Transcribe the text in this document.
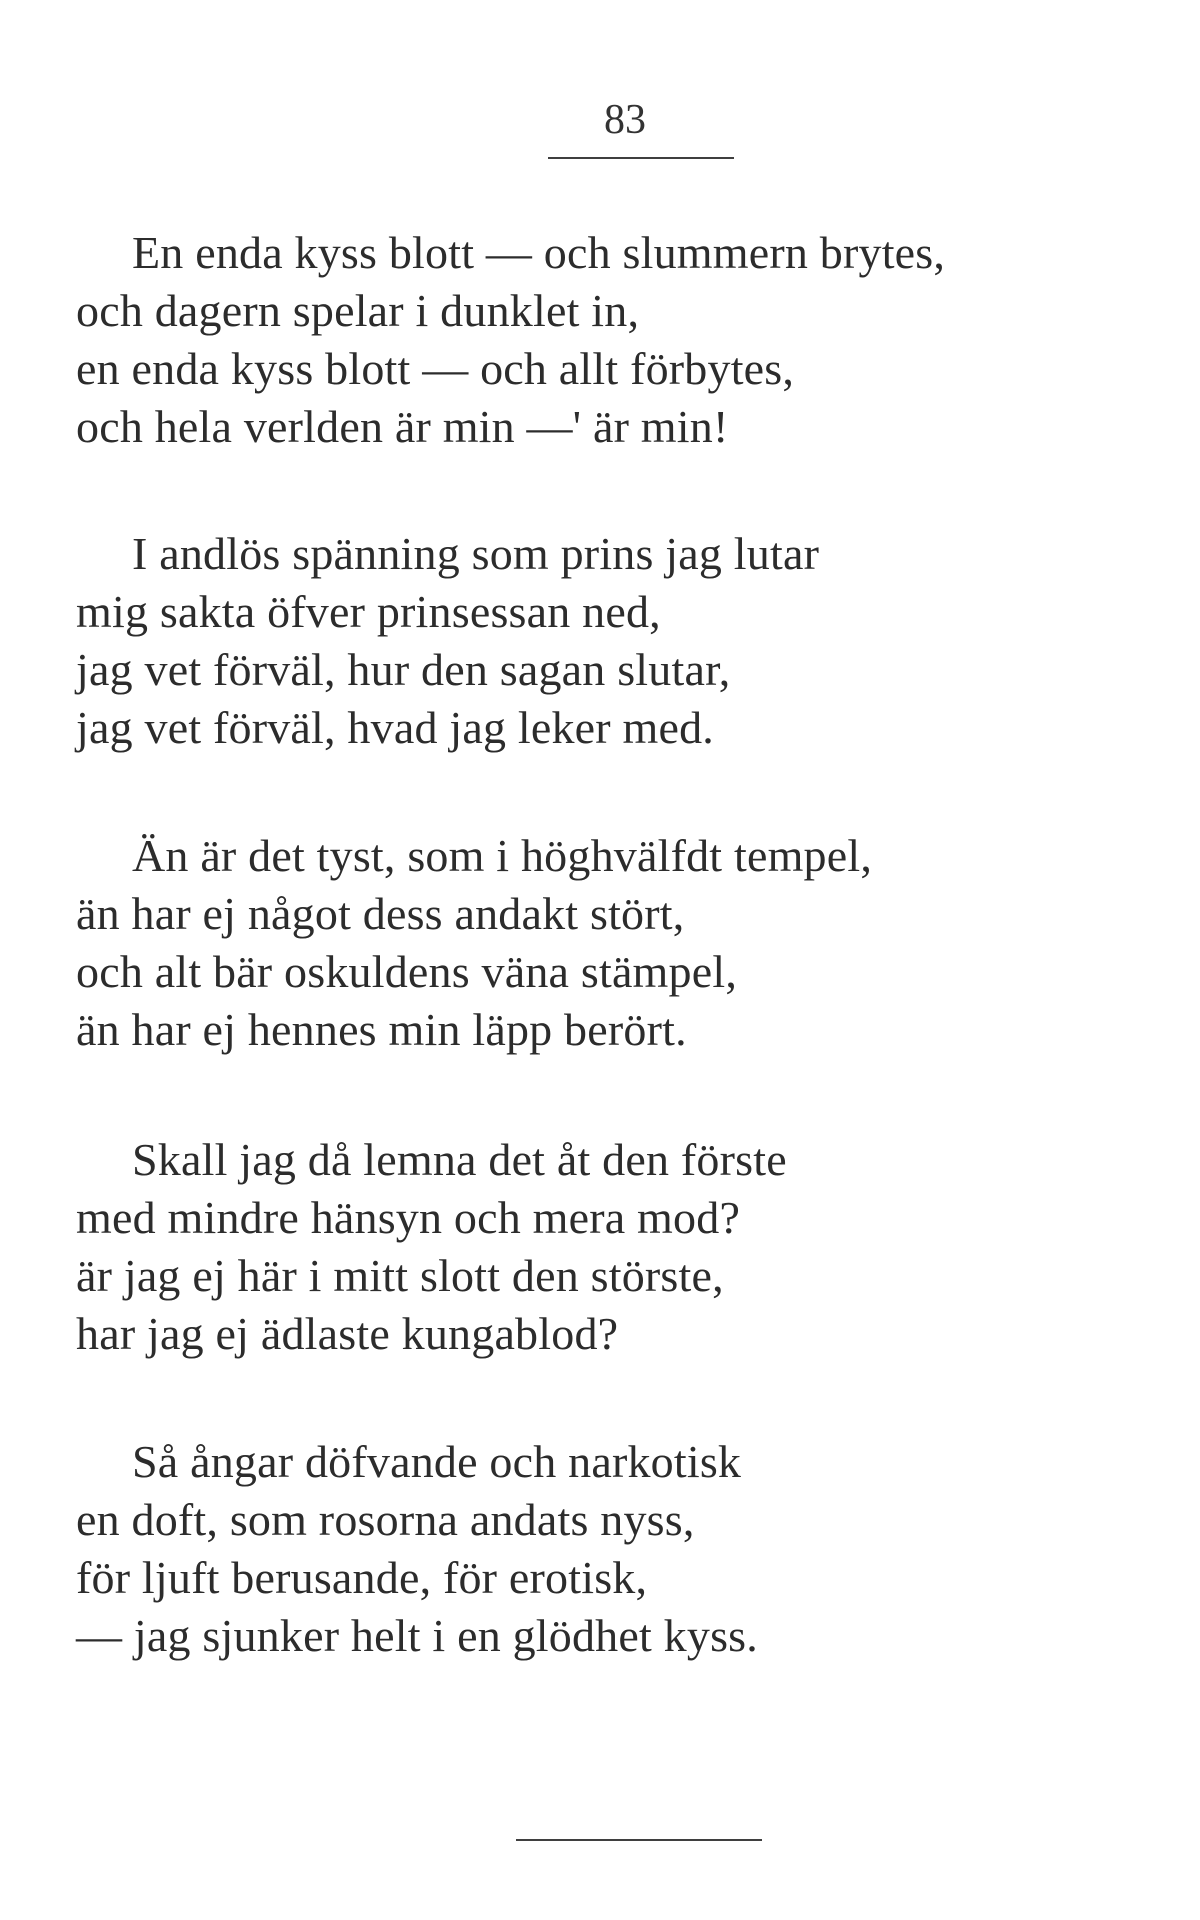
83
En enda kyss blott — och slummern brytes,
och dagern spelar i dunklet in,
en enda kyss blott — och allt förbytes,
och hela verlden är min —' är min!
I andlös spänning som prins jag lutar
mig sakta öfver prinsessan ned,
jag vet förväl, hur den sagan slutar,
jag vet förväl, hvad jag leker med.
Än är det tyst, som i höghvälfdt tempel,
än har ej något dess andakt stört,
och alt bär oskuldens väna stämpel,
än har ej hennes min läpp berört.
Skall jag då lemna det åt den förste
med mindre hänsyn och mera mod?
är jag ej här i mitt slott den störste,
har jag ej ädlaste kungablod?
Så ångar döfvande och narkotisk
en doft, som rosorna andats nyss,
för ljuft berusande, för erotisk,
— jag sjunker helt i en glödhet kyss.
